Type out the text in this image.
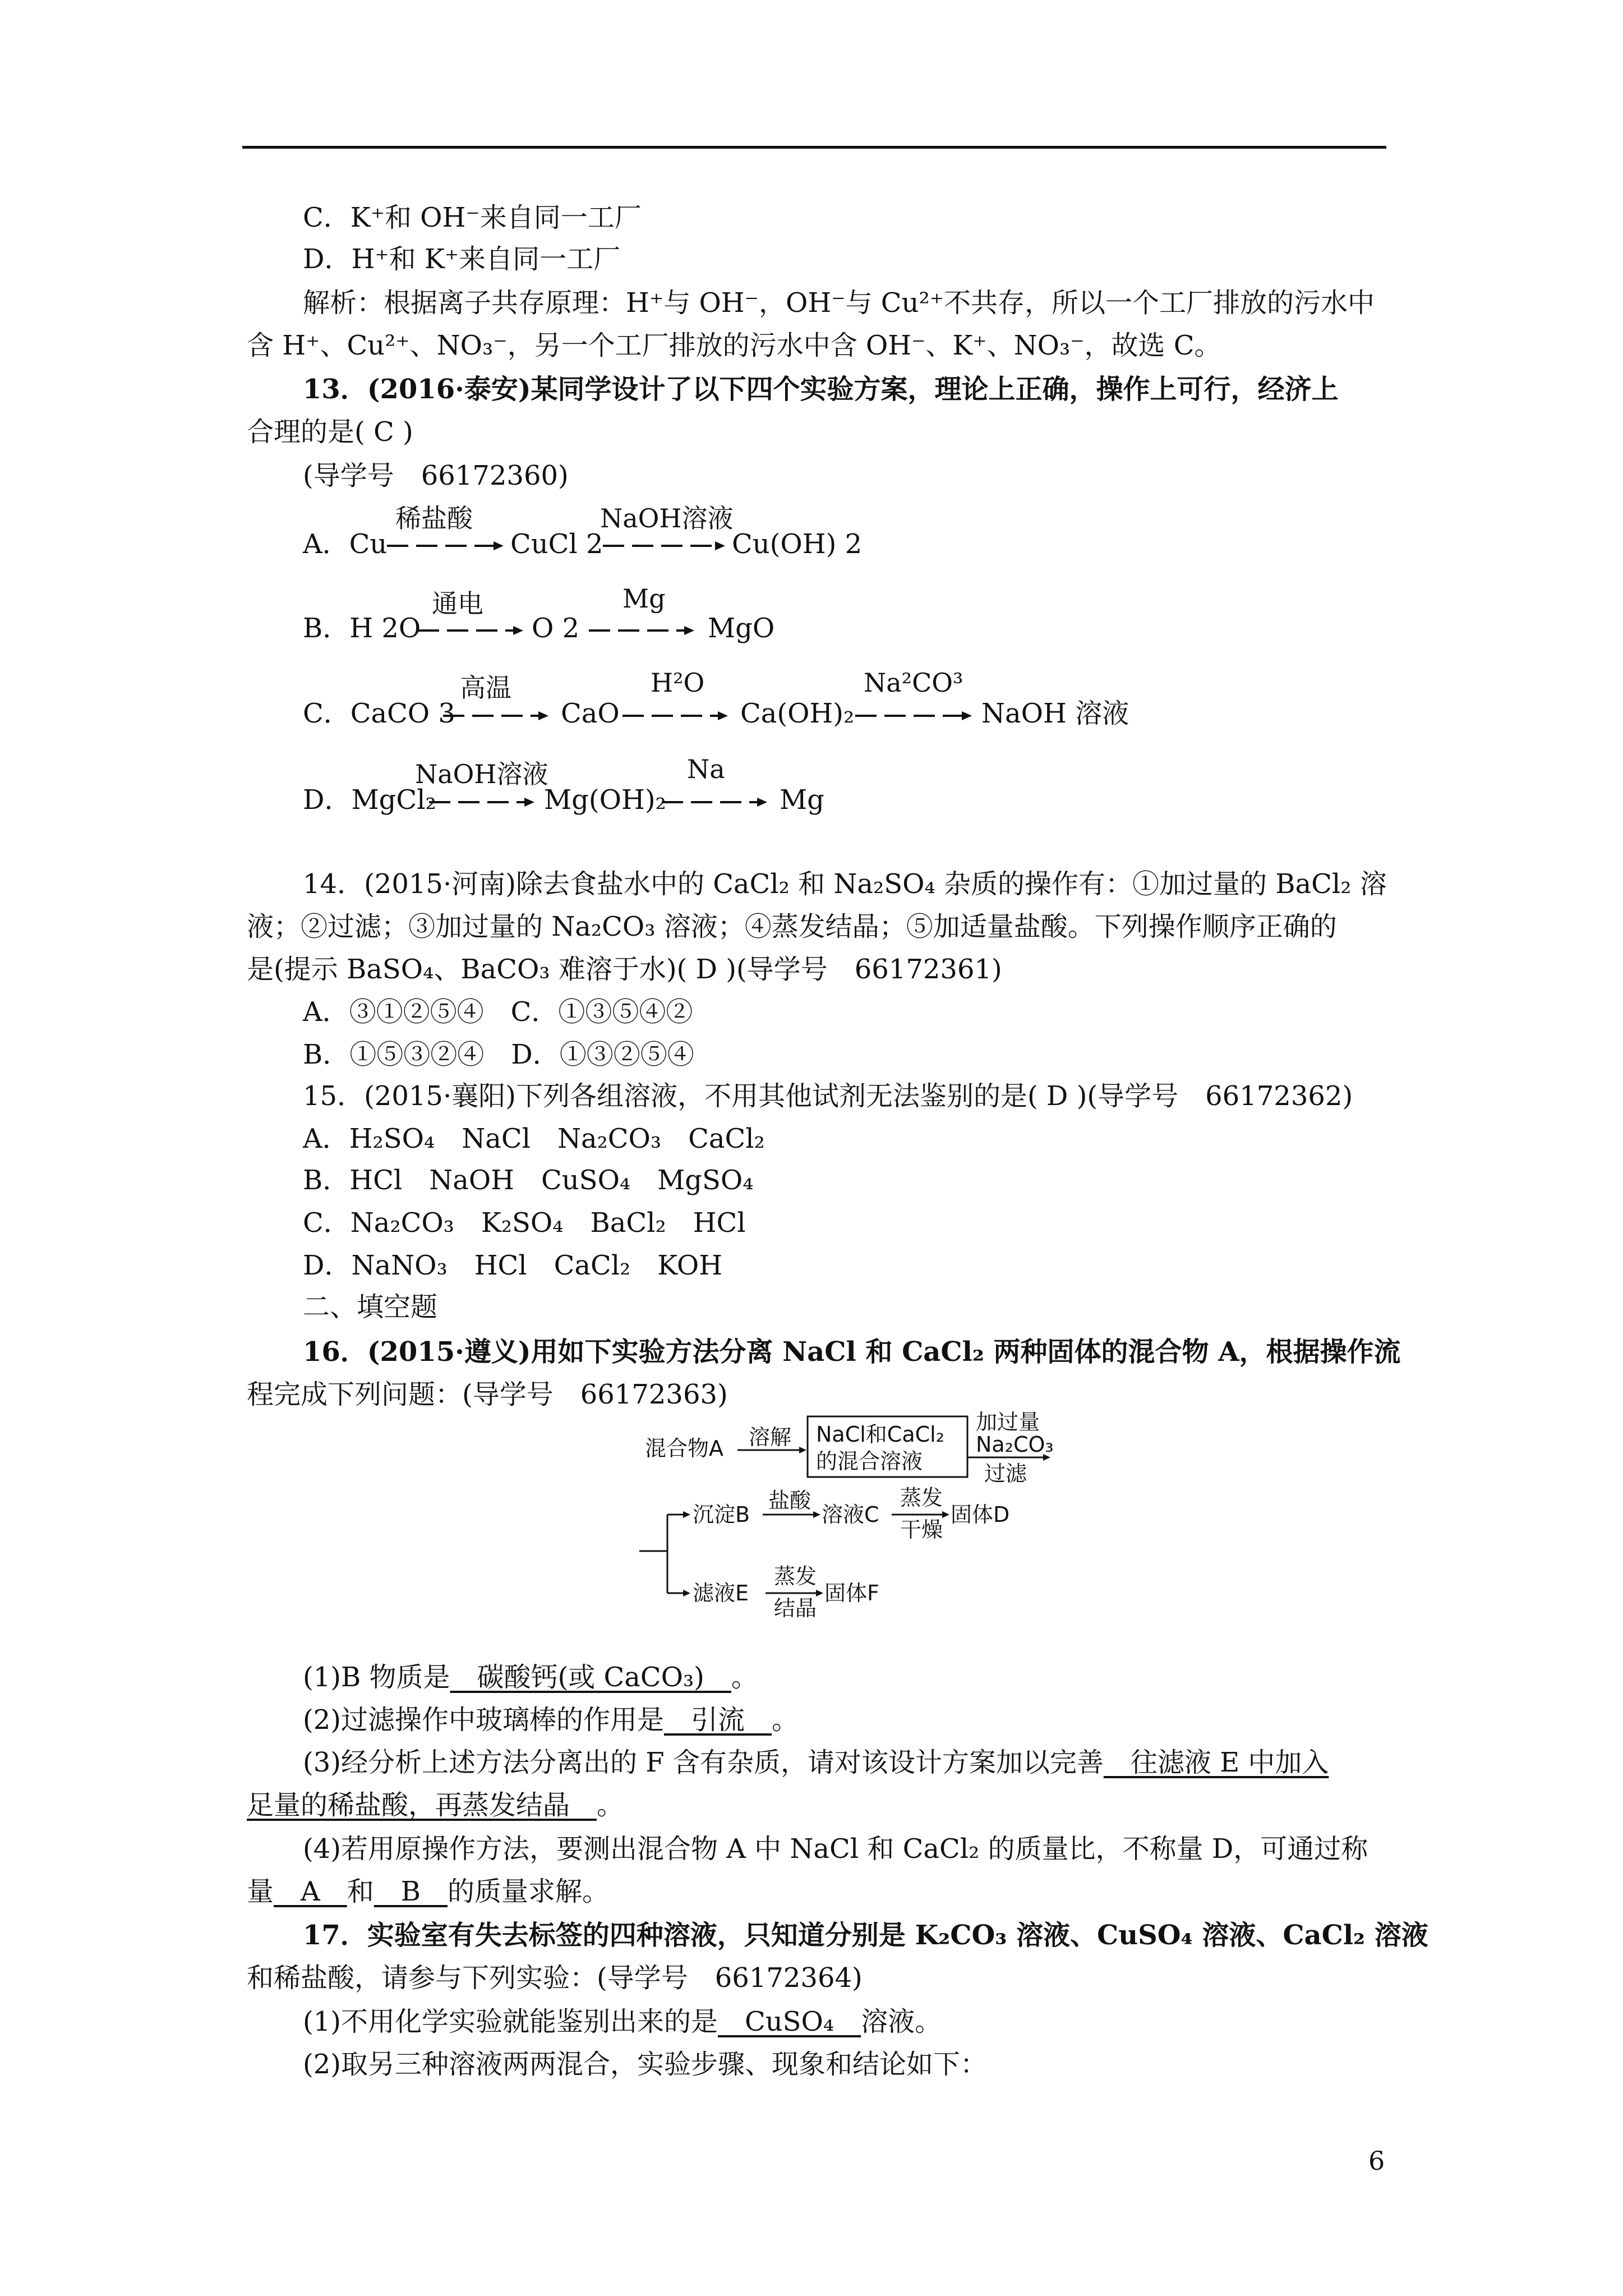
C．K⁺和 OH⁻来自同一工厂
D．H⁺和 K⁺来自同一工厂
解析：根据离子共存原理：H⁺与 OH⁻，OH⁻与 Cu²⁺不共存，所以一个工厂排放的污水中
含 H⁺、Cu²⁺、NO₃⁻，另一个工厂排放的污水中含 OH⁻、K⁺、NO₃⁻，故选 C。
13．(2016·泰安)某同学设计了以下四个实验方案，理论上正确，操作上可行，经济上
合理的是( C )
(导学号　66172360)
A．Cu
稀盐酸
CuCl 2
NaOH溶液
Cu(OH) 2
B．H 2O
通电
O 2
Mg
MgO
C．CaCO 3
高温
CaO
H²O
Ca(OH)₂
Na²CO³
NaOH 溶液
D．MgCl₂
NaOH溶液
Mg(OH)₂
Na
Mg
14．(2015·河南)除去食盐水中的 CaCl₂ 和 Na₂SO₄ 杂质的操作有：①加过量的 BaCl₂ 溶
液；②过滤；③加过量的 Na₂CO₃ 溶液；④蒸发结晶；⑤加适量盐酸。下列操作顺序正确的
是(提示 BaSO₄、BaCO₃ 难溶于水)( D )(导学号　66172361)
A．③①②⑤④　C．①③⑤④②
B．①⑤③②④　D．①③②⑤④
15．(2015·襄阳)下列各组溶液，不用其他试剂无法鉴别的是( D )(导学号　66172362)
A．H₂SO₄　NaCl　Na₂CO₃　CaCl₂
B．HCl　NaOH　CuSO₄　MgSO₄
C．Na₂CO₃　K₂SO₄　BaCl₂　HCl
D．NaNO₃　HCl　CaCl₂　KOH
二、填空题
16．(2015·遵义)用如下实验方法分离 NaCl 和 CaCl₂ 两种固体的混合物 A，根据操作流
程完成下列问题：(导学号　66172363)
混合物A 溶解 NaCl和CaCl₂
的混合溶液
加过量
Na₂CO₃
过滤
沉淀B
盐酸
溶液C
蒸发
干燥
固体D
滤液E
蒸发
结晶
固体F
(1)B 物质是　碳酸钙(或 CaCO₃)　。
(2)过滤操作中玻璃棒的作用是　引流　。
(3)经分析上述方法分离出的 F 含有杂质，请对该设计方案加以完善　往滤液 E 中加入
足量的稀盐酸，再蒸发结晶　。
(4)若用原操作方法，要测出混合物 A 中 NaCl 和 CaCl₂ 的质量比，不称量 D，可通过称
量　A　和　B　的质量求解。
17．实验室有失去标签的四种溶液，只知道分别是 K₂CO₃ 溶液、CuSO₄ 溶液、CaCl₂ 溶液
和稀盐酸，请参与下列实验：(导学号　66172364)
(1)不用化学实验就能鉴别出来的是　CuSO₄　溶液。
(2)取另三种溶液两两混合，实验步骤、现象和结论如下：
6
